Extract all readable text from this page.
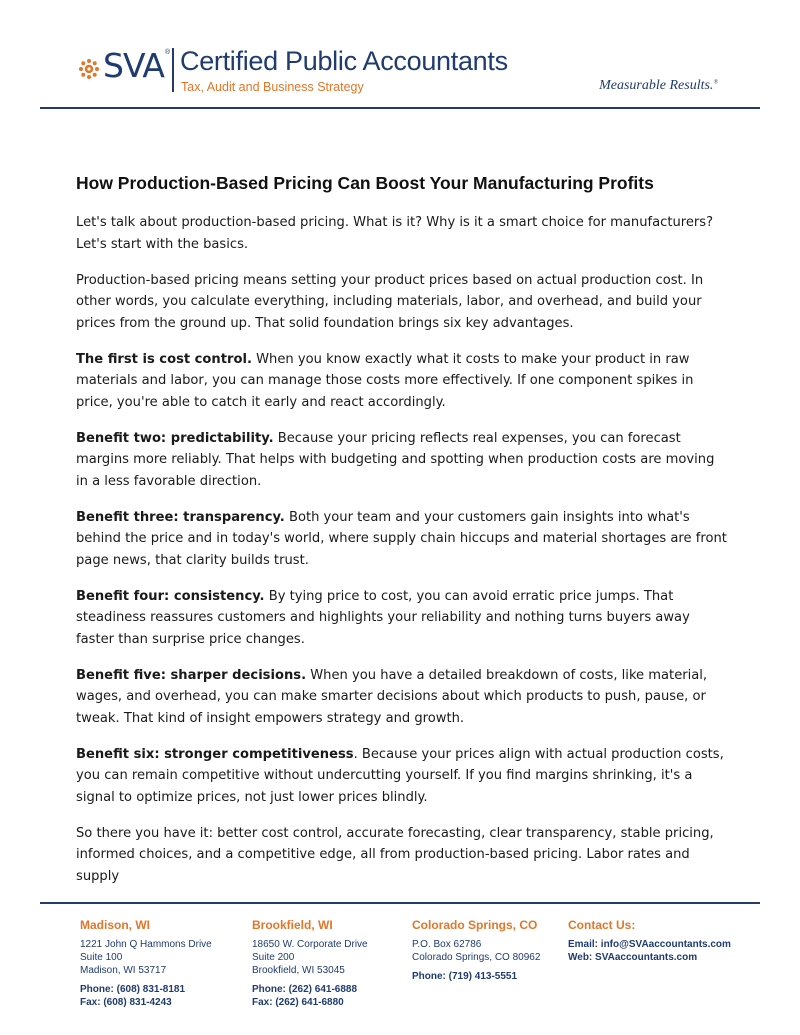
SVA ® Certified Public Accountants
Tax, Audit and Business Strategy	Measurable Results.®
How Production-Based Pricing Can Boost Your Manufacturing Profits

Let's talk about production-based pricing. What is it? Why is it a smart choice for manufacturers? Let's start with the basics.

Production-based pricing means setting your product prices based on actual production cost. In other words, you calculate everything, including materials, labor, and overhead, and build your prices from the ground up. That solid foundation brings six key advantages.

The first is cost control. When you know exactly what it costs to make your product in raw materials and labor, you can manage those costs more effectively. If one component spikes in price, you're able to catch it early and react accordingly.

Benefit two: predictability. Because your pricing reflects real expenses, you can forecast margins more reliably. That helps with budgeting and spotting when production costs are moving in a less favorable direction.

Benefit three: transparency. Both your team and your customers gain insights into what's behind the price and in today's world, where supply chain hiccups and material shortages are front page news, that clarity builds trust.

Benefit four: consistency. By tying price to cost, you can avoid erratic price jumps. That steadiness reassures customers and highlights your reliability and nothing turns buyers away faster than surprise price changes.

Benefit five: sharper decisions. When you have a detailed breakdown of costs, like material, wages, and overhead, you can make smarter decisions about which products to push, pause, or tweak. That kind of insight empowers strategy and growth.

Benefit six: stronger competitiveness. Because your prices align with actual production costs, you can remain competitive without undercutting yourself. If you find margins shrinking, it's a signal to optimize prices, not just lower prices blindly.

So there you have it: better cost control, accurate forecasting, clear transparency, stable pricing, informed choices, and a competitive edge, all from production-based pricing. Labor rates and supply

Madison, WI
1221 John Q Hammons Drive
Suite 100
Madison, WI 53717
Phone: (608) 831-8181
Fax: (608) 831-4243
Brookfield, WI
18650 W. Corporate Drive
Suite 200
Brookfield, WI 53045
Phone: (262) 641-6888
Fax: (262) 641-6880
Colorado Springs, CO
P.O. Box 62786
Colorado Springs, CO 80962
Phone: (719) 413-5551
Contact Us:
Email: info@SVAaccountants.com
Web: SVAaccountants.com
